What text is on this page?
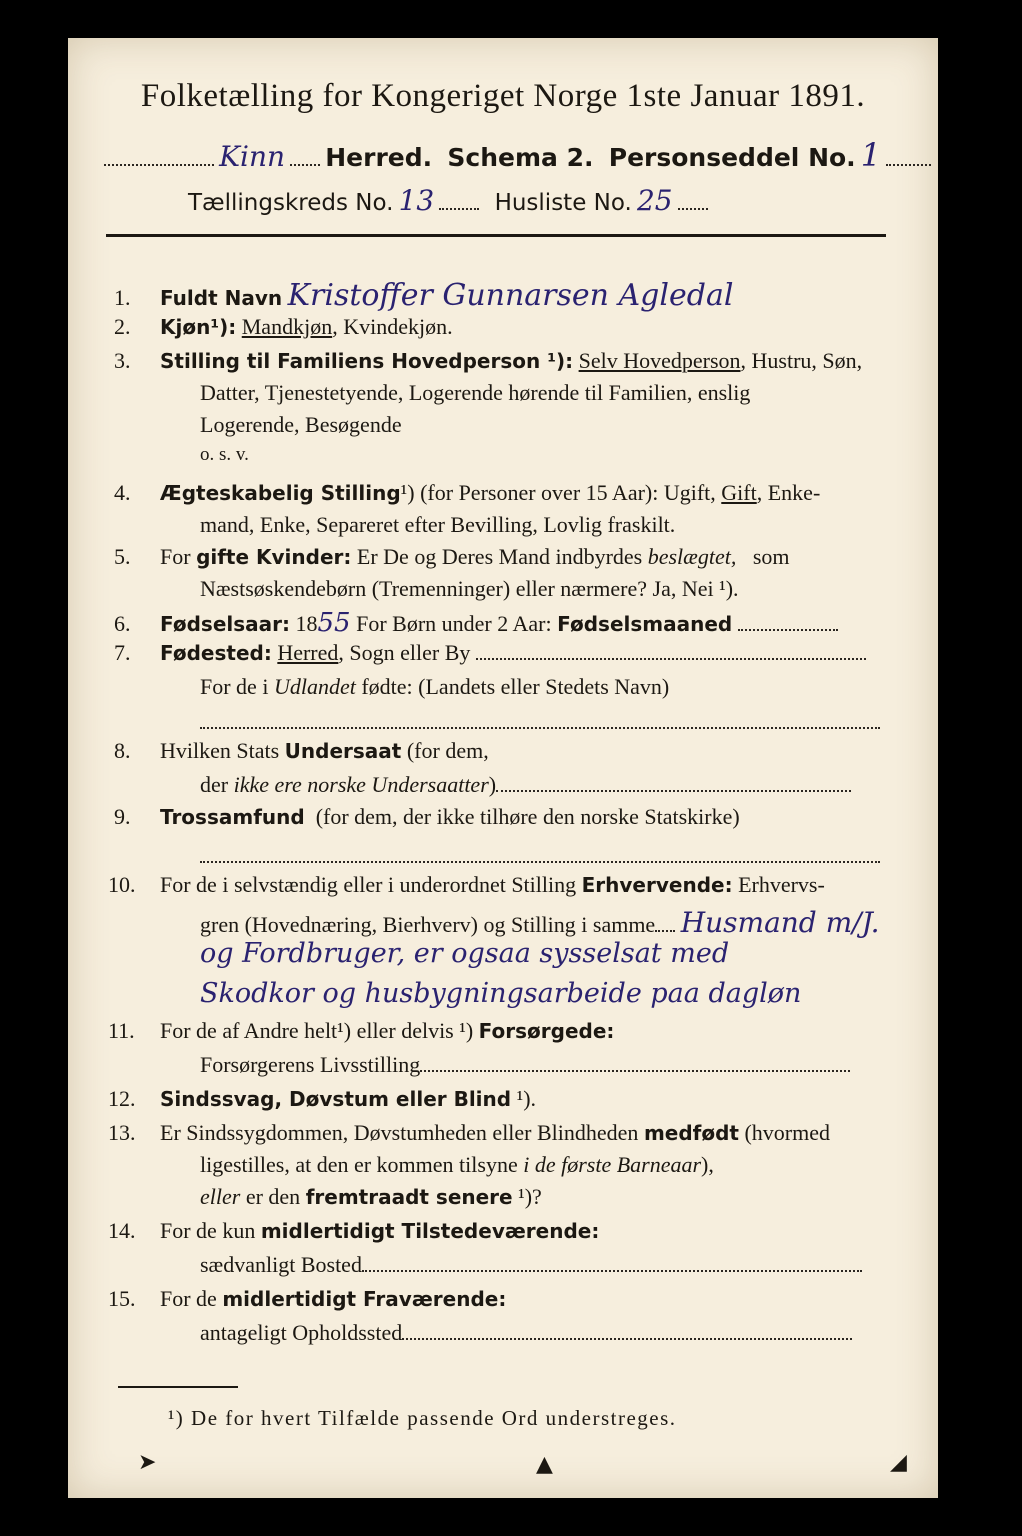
Folketælling for Kongeriget Norge 1ste Januar 1891.
Kinn Herred. Schema 2. Personseddel No. 1
Tællingskreds No. 13	Husliste No. 25
1. Fuldt Navn Kristoffer Gunnarsen Agledal
2. Kjøn¹): Mandkjøn, Kvindekjøn.
3. Stilling til Familiens Hovedperson ¹): Selv Hovedperson, Hustru, Søn,
Datter, Tjenestetyende, Logerende hørende til Familien, enslig
Logerende, Besøgende
o. s. v.
4. Ægteskabelig Stilling¹) (for Personer over 15 Aar): Ugift, Gift, Enke-
mand, Enke, Separeret efter Bevilling, Lovlig fraskilt.
5. For gifte Kvinder: Er De og Deres Mand indbyrdes beslægtet, som
Næstsøskendebørn (Tremenninger) eller nærmere? Ja, Nei ¹).
6. Fødselsaar: 1855 For Børn under 2 Aar: Fødselsmaaned
7. Fødested: Herred, Sogn eller By
For de i Udlandet fødte: (Landets eller Stedets Navn)
8. Hvilken Stats Undersaat (for dem,
der ikke ere norske Undersaatter)
9. Trossamfund (for dem, der ikke tilhøre den norske Statskirke)
10. For de i selvstændig eller i underordnet Stilling Erhvervende: Erhvervs-
gren (Hovednæring, Bierhverv) og Stilling i samme Husmand m/J.
og Fordbruger, er ogsaa sysselsat med
Skodkor og husbygningsarbeide paa dagløn
11. For de af Andre helt¹) eller delvis ¹) Forsørgede:
Forsørgerens Livsstilling
12. Sindssvag, Døvstum eller Blind ¹).
13. Er Sindssygdommen, Døvstumheden eller Blindheden medfødt (hvormed
ligestilles, at den er kommen tilsyne i de første Barneaar),
eller er den fremtraadt senere ¹)?
14. For de kun midlertidigt Tilstedeværende:
sædvanligt Bosted
15. For de midlertidigt Fraværende:
antageligt Opholdssted
¹) De for hvert Tilfælde passende Ord understreges.
➤	▲	◢
